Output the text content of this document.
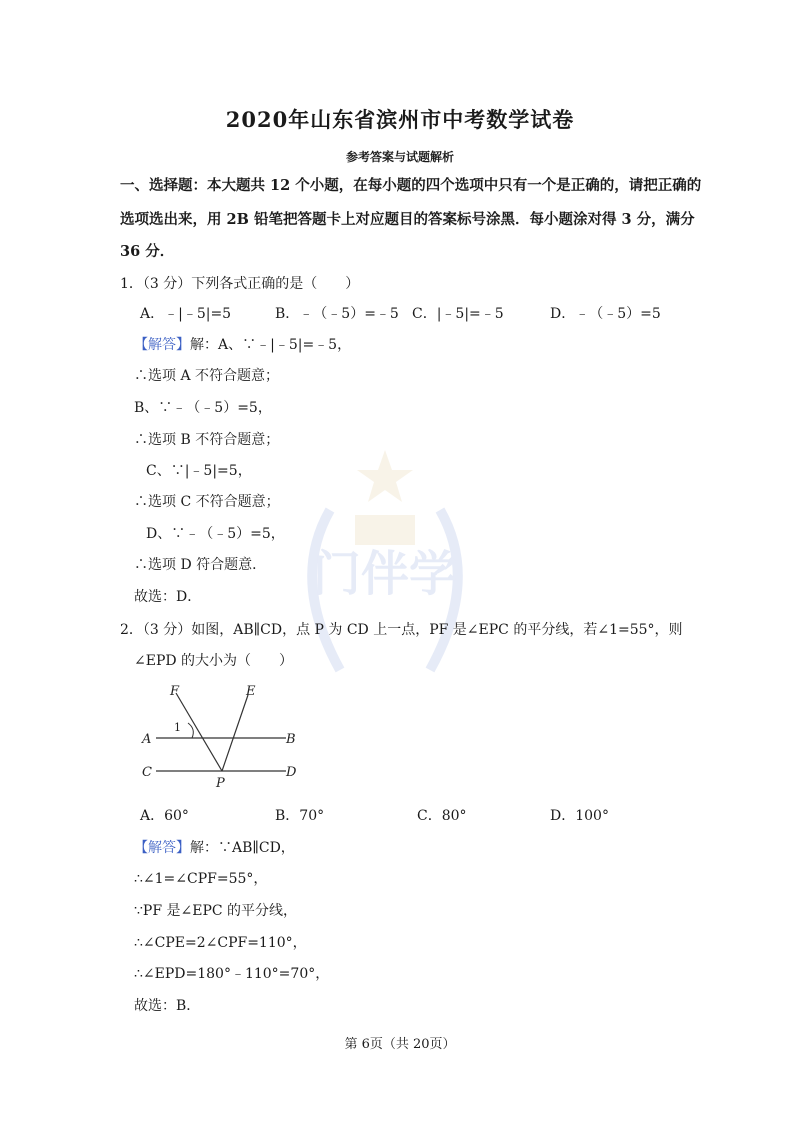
门伴学
2020年山东省滨州市中考数学试卷
参考答案与试题解析
一、选择题：本大题共 12 个小题，在每小题的四个选项中只有一个是正确的，请把正确的
选项选出来，用 2B 铅笔把答题卡上对应题目的答案标号涂黑．每小题涂对得 3 分，满分
36 分．
1．（3 分）下列各式正确的是（　　）
A．﹣|﹣5|=5	B．﹣（﹣5）=﹣5 C．|﹣5|=﹣5	D．﹣（﹣5）=5
【解答】解：A、∵﹣|﹣5|=﹣5，
∴选项 A 不符合题意；
B、∵﹣（﹣5）=5，
∴选项 B 不符合题意；
C、∵|﹣5|=5，
∴选项 C 不符合题意；
D、∵﹣（﹣5）=5，
∴选项 D 符合题意．
故选：D．
2．（3 分）如图，AB∥CD，点 P 为 CD 上一点，PF 是∠EPC 的平分线，若∠1=55°，则
∠EPD 的大小为（　　）
F	E
1
A	B
C	D
P
A．60°	B．70°	C．80°	D．100°
【解答】解：∵AB∥CD，
∴∠1=∠CPF=55°，
∵PF 是∠EPC 的平分线，
∴∠CPE=2∠CPF=110°，
∴∠EPD=180°﹣110°=70°，
故选：B．
第 6页（共 20页）
